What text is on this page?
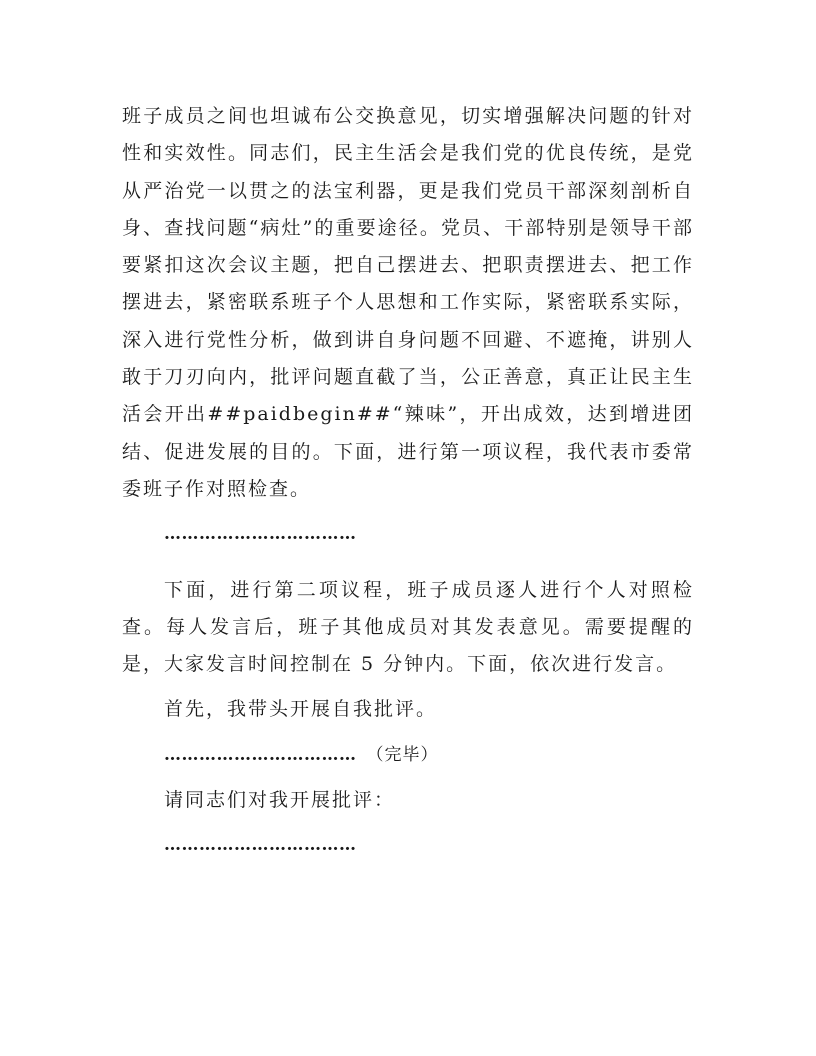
班子成员之间也坦诚布公交换意见，切实增强解决问题的针对性和实效性。同志们，民主生活会是我们党的优良传统，是党从严治党一以贯之的法宝利器，更是我们党员干部深刻剖析自身、查找问题“病灶”的重要途径。党员、干部特别是领导干部要紧扣这次会议主题，把自己摆进去、把职责摆进去、把工作摆进去，紧密联系班子个人思想和工作实际，紧密联系实际，深入进行党性分析，做到讲自身问题不回避、不遮掩，讲别人敢于刀刃向内，批评问题直截了当，公正善意，真正让民主生活会开出##paidbegin##“辣味”，开出成效，达到增进团结、促进发展的目的。下面，进行第一项议程，我代表市委常委班子作对照检查。

……………………………

下面，进行第二项议程，班子成员逐人进行个人对照检查。每人发言后，班子其他成员对其发表意见。需要提醒的是，大家发言时间控制在 5 分钟内。下面，依次进行发言。

首先，我带头开展自我批评。

…………………………… （完毕）

请同志们对我开展批评：

……………………………
